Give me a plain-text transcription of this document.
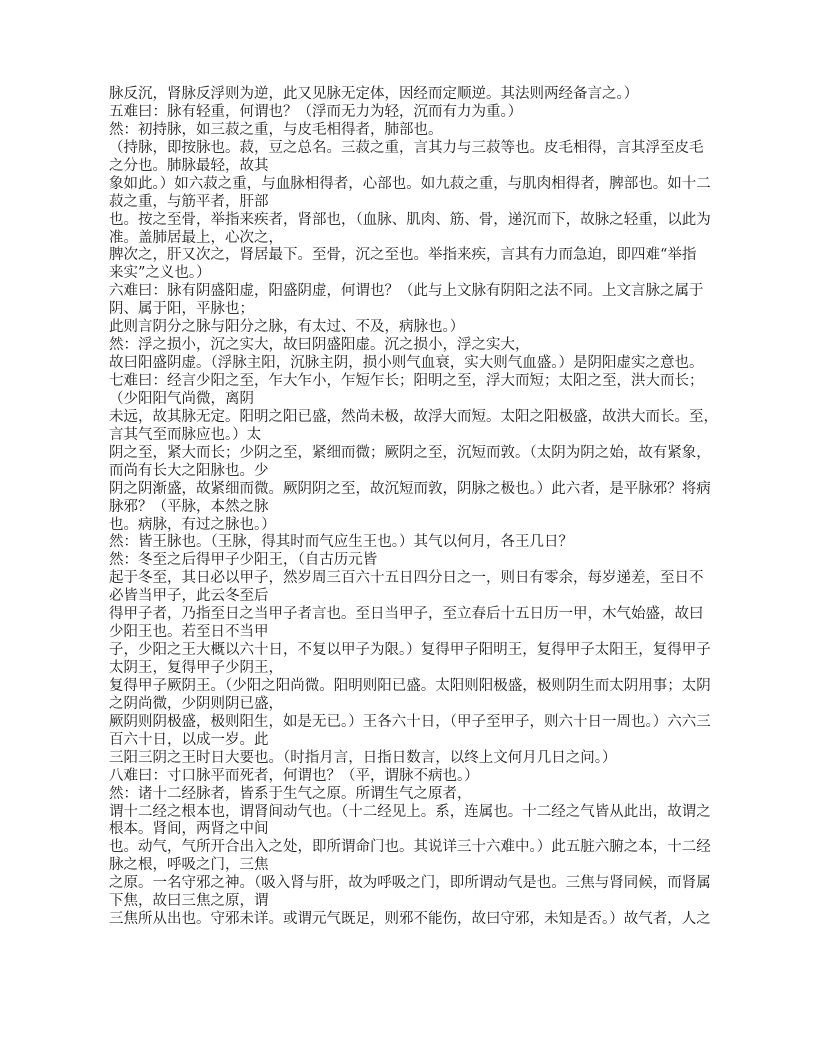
脉反沉，肾脉反浮则为逆，此又见脉无定体，因经而定顺逆。其法则两经备言之。）
五难曰：脉有轻重，何谓也？（浮而无力为轻，沉而有力为重。）
然：初持脉，如三菽之重，与皮毛相得者，肺部也。
（持脉，即按脉也。菽，豆之总名。三菽之重，言其力与三菽等也。皮毛相得，言其浮至皮毛
之分也。肺脉最轻，故其
象如此。）如六菽之重，与血脉相得者，心部也。如九菽之重，与肌肉相得者，脾部也。如十二
菽之重，与筋平者，肝部
也。按之至骨，举指来疾者，肾部也，（血脉、肌肉、筋、骨，递沉而下，故脉之轻重，以此为
准。盖肺居最上，心次之，
脾次之，肝又次之，肾居最下。至骨，沉之至也。举指来疾，言其有力而急迫，即四难“举指
来实”之义也。）
六难曰：脉有阴盛阳虚，阳盛阴虚，何谓也？（此与上文脉有阴阳之法不同。上文言脉之属于
阴、属于阳，平脉也；
此则言阴分之脉与阳分之脉，有太过、不及，病脉也。）
然：浮之损小，沉之实大，故曰阴盛阳虚。沉之损小，浮之实大，
故曰阳盛阴虚。（浮脉主阳，沉脉主阴，损小则气血衰，实大则气血盛。）是阴阳虚实之意也。
七难曰：经言少阳之至，乍大乍小，乍短乍长；阳明之至，浮大而短；太阳之至，洪大而长；
（少阳阳气尚微，离阴
未远，故其脉无定。阳明之阳已盛，然尚未极，故浮大而短。太阳之阳极盛，故洪大而长。至，
言其气至而脉应也。）太
阴之至，紧大而长；少阴之至，紧细而微；厥阴之至，沉短而敦。（太阴为阴之始，故有紧象，
而尚有长大之阳脉也。少
阴之阴渐盛，故紧细而微。厥阴阴之至，故沉短而敦，阴脉之极也。）此六者，是平脉邪？将病
脉邪？（平脉，本然之脉
也。病脉，有过之脉也。）
然：皆王脉也。（王脉，得其时而气应生王也。）其气以何月，各王几日？
然：冬至之后得甲子少阳王，（自古历元皆
起于冬至，其日必以甲子，然岁周三百六十五日四分日之一，则日有零余，每岁递差，至日不
必皆当甲子，此云冬至后
得甲子者，乃指至日之当甲子者言也。至日当甲子，至立春后十五日历一甲，木气始盛，故曰
少阳王也。若至日不当甲
子，少阳之王大概以六十日，不复以甲子为限。）复得甲子阳明王，复得甲子太阳王，复得甲子
太阴王，复得甲子少阴王，
复得甲子厥阴王。（少阳之阳尚微。阳明则阳已盛。太阳则阳极盛，极则阴生而太阴用事；太阴
之阴尚微，少阴则阴已盛，
厥阴则阴极盛，极则阳生，如是无已。）王各六十日，（甲子至甲子，则六十日一周也。）六六三
百六十日，以成一岁。此
三阳三阴之王时日大要也。（时指月言，日指日数言，以终上文何月几日之问。）
八难曰：寸口脉平而死者，何谓也？（平，谓脉不病也。）
然：诸十二经脉者，皆系于生气之原。所谓生气之原者，
谓十二经之根本也，谓肾间动气也。（十二经见上。系，连属也。十二经之气皆从此出，故谓之
根本。肾间，两肾之中间
也。动气，气所开合出入之处，即所谓命门也。其说详三十六难中。）此五脏六腑之本，十二经
脉之根，呼吸之门，三焦
之原。一名守邪之神。（吸入肾与肝，故为呼吸之门，即所谓动气是也。三焦与肾同候，而肾属
下焦，故曰三焦之原，谓
三焦所从出也。守邪未详。或谓元气既足，则邪不能伤，故曰守邪，未知是否。）故气者，人之
